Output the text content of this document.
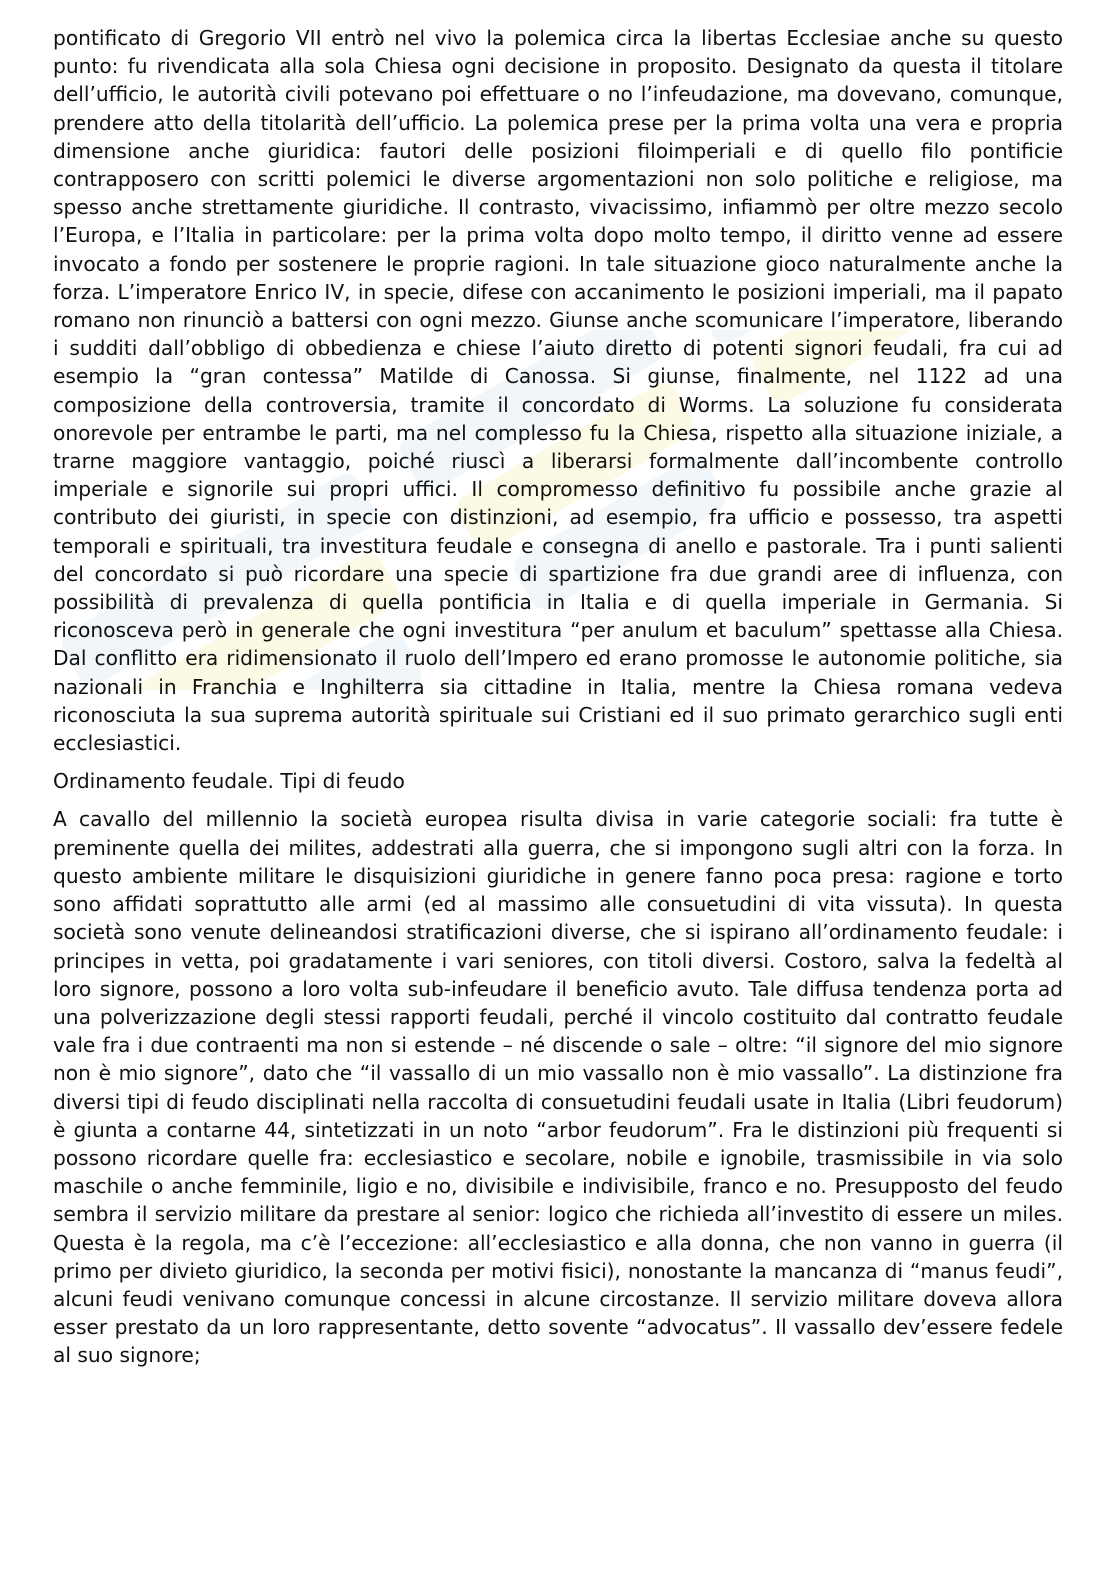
pontificato di Gregorio VII entrò nel vivo la polemica circa la libertas Ecclesiae anche su questo punto: fu rivendicata alla sola Chiesa ogni decisione in proposito. Designato da questa il titolare dell’ufficio, le autorità civili potevano poi effettuare o no l’infeudazione, ma dovevano, comunque, prendere atto della titolarità dell’ufficio. La polemica prese per la prima volta una vera e propria dimensione anche giuridica: fautori delle posizioni filoimperiali e di quello filo pontificie contrapposero con scritti polemici le diverse argomentazioni non solo politiche e religiose, ma spesso anche strettamente giuridiche. Il contrasto, vivacissimo, infiammò per oltre mezzo secolo l’Europa, e l’Italia in particolare: per la prima volta dopo molto tempo, il diritto venne ad essere invocato a fondo per sostenere le proprie ragioni. In tale situazione gioco naturalmente anche la forza. L’imperatore Enrico IV, in specie, difese con accanimento le posizioni imperiali, ma il papato romano non rinunciò a battersi con ogni mezzo. Giunse anche scomunicare l’imperatore, liberando i sudditi dall’obbligo di obbedienza e chiese l’aiuto diretto di potenti signori feudali, fra cui ad esempio la “gran contessa” Matilde di Canossa. Si giunse, finalmente, nel 1122 ad una composizione della controversia, tramite il concordato di Worms. La soluzione fu considerata onorevole per entrambe le parti, ma nel complesso fu la Chiesa, rispetto alla situazione iniziale, a trarne maggiore vantaggio, poiché riuscì a liberarsi formalmente dall’incombente controllo imperiale e signorile sui propri uffici. Il compromesso definitivo fu possibile anche grazie al contributo dei giuristi, in specie con distinzioni, ad esempio, fra ufficio e possesso, tra aspetti temporali e spirituali, tra investitura feudale e consegna di anello e pastorale. Tra i punti salienti del concordato si può ricordare una specie di spartizione fra due grandi aree di influenza, con possibilità di prevalenza di quella pontificia in Italia e di quella imperiale in Germania. Si riconosceva però in generale che ogni investitura “per anulum et baculum” spettasse alla Chiesa. Dal conflitto era ridimensionato il ruolo dell’Impero ed erano promosse le autonomie politiche, sia nazionali in Franchia e Inghilterra sia cittadine in Italia, mentre la Chiesa romana vedeva riconosciuta la sua suprema autorità spirituale sui Cristiani ed il suo primato gerarchico sugli enti ecclesiastici.

Ordinamento feudale. Tipi di feudo

A cavallo del millennio la società europea risulta divisa in varie categorie sociali: fra tutte è preminente quella dei milites, addestrati alla guerra, che si impongono sugli altri con la forza. In questo ambiente militare le disquisizioni giuridiche in genere fanno poca presa: ragione e torto sono affidati soprattutto alle armi (ed al massimo alle consuetudini di vita vissuta). In questa società sono venute delineandosi stratificazioni diverse, che si ispirano all’ordinamento feudale: i principes in vetta, poi gradatamente i vari seniores, con titoli diversi. Costoro, salva la fedeltà al loro signore, possono a loro volta sub-infeudare il beneficio avuto. Tale diffusa tendenza porta ad una polverizzazione degli stessi rapporti feudali, perché il vincolo costituito dal contratto feudale vale fra i due contraenti ma non si estende – né discende o sale – oltre: “il signore del mio signore non è mio signore”, dato che “il vassallo di un mio vassallo non è mio vassallo”. La distinzione fra diversi tipi di feudo disciplinati nella raccolta di consuetudini feudali usate in Italia (Libri feudorum) è giunta a contarne 44, sintetizzati in un noto “arbor feudorum”. Fra le distinzioni più frequenti si possono ricordare quelle fra: ecclesiastico e secolare, nobile e ignobile, trasmissibile in via solo maschile o anche femminile, ligio e no, divisibile e indivisibile, franco e no. Presupposto del feudo sembra il servizio militare da prestare al senior: logico che richieda all’investito di essere un miles. Questa è la regola, ma c’è l’eccezione: all’ecclesiastico e alla donna, che non vanno in guerra (il primo per divieto giuridico, la seconda per motivi fisici), nonostante la mancanza di “manus feudi”, alcuni feudi venivano comunque concessi in alcune circostanze. Il servizio militare doveva allora esser prestato da un loro rappresentante, detto sovente “advocatus”. Il vassallo dev’essere fedele al suo signore;
